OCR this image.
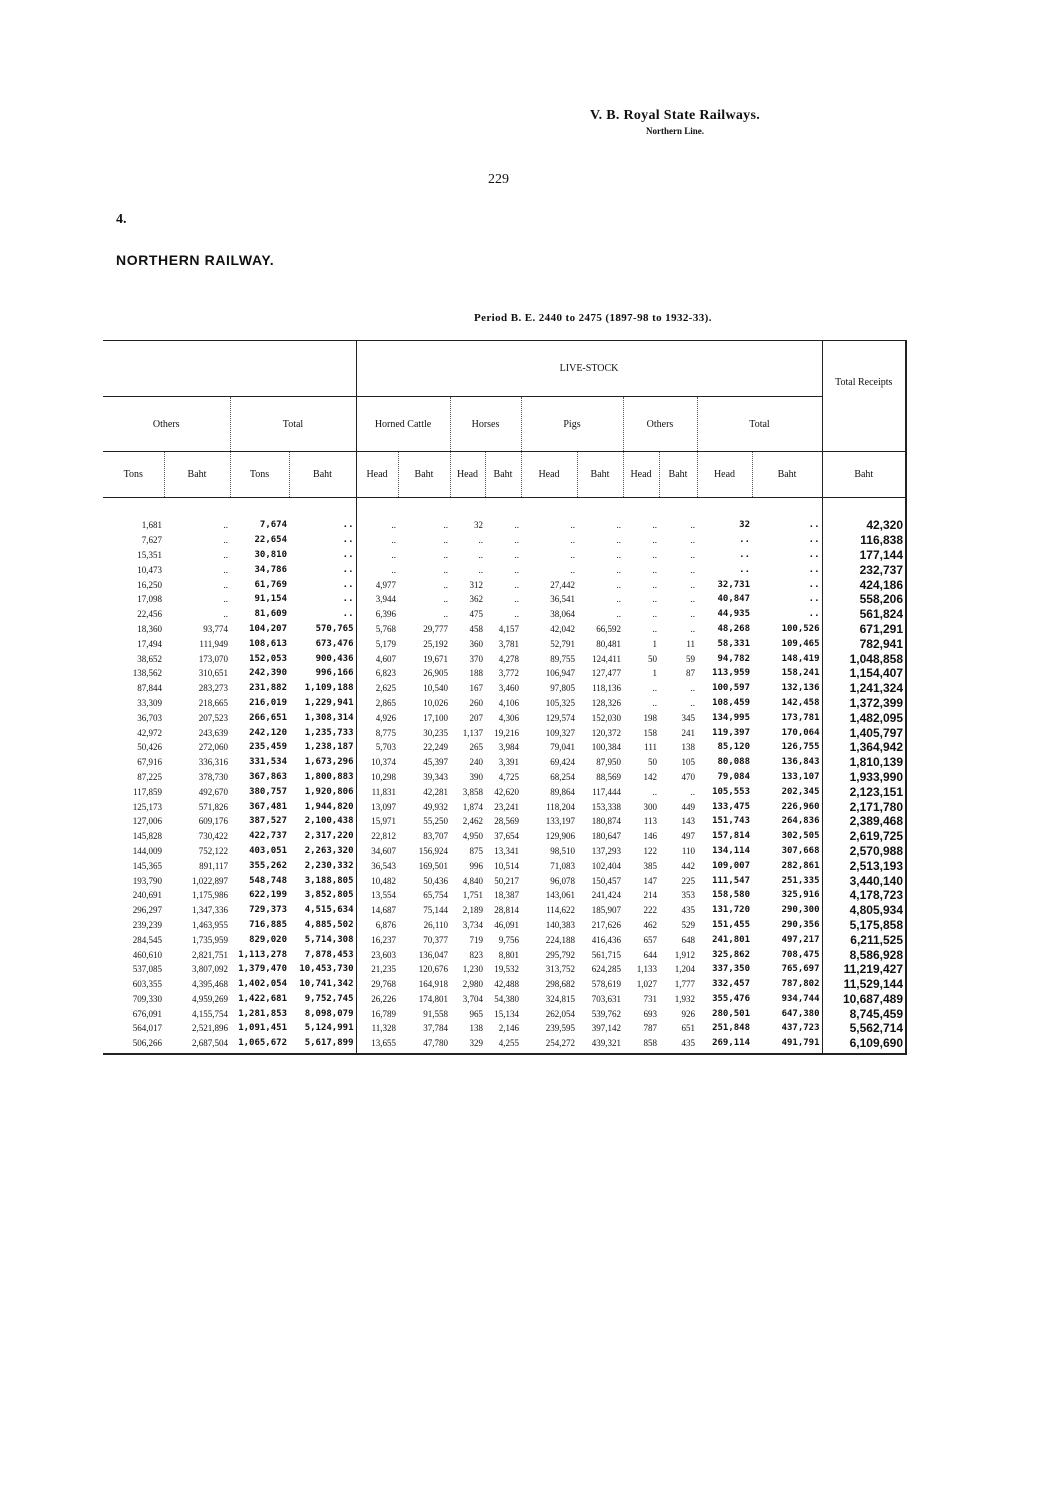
V. B. Royal State Railways.
Northern Line.
229
4.
NORTHERN RAILWAY.
Period B. E. 2440 to 2475 (1897-98 to 1932-33).
				LIVE-STOCK										Total Receipts
Others		Total		Horned Cattle		Horses		Pigs		Others		Total		
Tons	Baht	Tons	Baht	Head	Baht	Head	Baht	Head	Baht	Head	Baht	Head	Baht	Baht
1,681	..	7,674	..	..	..	32	..	..	..	..	..	32	..	42,320
7,627	..	22,654	..	..	..	..	..	..	..	..	..	..	..	116,838
15,351	..	30,810	..	..	..	..	..	..	..	..	..	..	..	177,144
10,473	..	34,786	..	..	..	..	..	..	..	..	..	..	..	232,737
16,250	..	61,769	..	4,977	..	312	..	27,442	..	..	..	32,731	..	424,186
17,098	..	91,154	..	3,944	..	362	..	36,541	..	..	..	40,847	..	558,206
22,456	..	81,609	..	6,396	..	475	..	38,064	..	..	..	44,935	..	561,824
18,360	93,774	104,207	570,765	5,768	29,777	458	4,157	42,042	66,592	..	..	48,268	100,526	671,291
17,494	111,949	108,613	673,476	5,179	25,192	360	3,781	52,791	80,481	1	11	58,331	109,465	782,941
38,652	173,070	152,053	900,436	4,607	19,671	370	4,278	89,755	124,411	50	59	94,782	148,419	1,048,858
138,562	310,651	242,390	996,166	6,823	26,905	188	3,772	106,947	127,477	1	87	113,959	158,241	1,154,407
87,844	283,273	231,882	1,109,188	2,625	10,540	167	3,460	97,805	118,136	..	..	100,597	132,136	1,241,324
33,309	218,665	216,019	1,229,941	2,865	10,026	260	4,106	105,325	128,326	..	..	108,459	142,458	1,372,399
36,703	207,523	266,651	1,308,314	4,926	17,100	207	4,306	129,574	152,030	198	345	134,995	173,781	1,482,095
42,972	243,639	242,120	1,235,733	8,775	30,235	1,137	19,216	109,327	120,372	158	241	119,397	170,064	1,405,797
50,426	272,060	235,459	1,238,187	5,703	22,249	265	3,984	79,041	100,384	111	138	85,120	126,755	1,364,942
67,916	336,316	331,534	1,673,296	10,374	45,397	240	3,391	69,424	87,950	50	105	80,088	136,843	1,810,139
87,225	378,730	367,863	1,800,883	10,298	39,343	390	4,725	68,254	88,569	142	470	79,084	133,107	1,933,990
117,859	492,670	380,757	1,920,806	11,831	42,281	3,858	42,620	89,864	117,444	..	..	105,553	202,345	2,123,151
125,173	571,826	367,481	1,944,820	13,097	49,932	1,874	23,241	118,204	153,338	300	449	133,475	226,960	2,171,780
127,006	609,176	387,527	2,100,438	15,971	55,250	2,462	28,569	133,197	180,874	113	143	151,743	264,836	2,389,468
145,828	730,422	422,737	2,317,220	22,812	83,707	4,950	37,654	129,906	180,647	146	497	157,814	302,505	2,619,725
144,009	752,122	403,051	2,263,320	34,607	156,924	875	13,341	98,510	137,293	122	110	134,114	307,668	2,570,988
145,365	891,117	355,262	2,230,332	36,543	169,501	996	10,514	71,083	102,404	385	442	109,007	282,861	2,513,193
193,790	1,022,897	548,748	3,188,805	10,482	50,436	4,840	50,217	96,078	150,457	147	225	111,547	251,335	3,440,140
240,691	1,175,986	622,199	3,852,805	13,554	65,754	1,751	18,387	143,061	241,424	214	353	158,580	325,916	4,178,723
296,297	1,347,336	729,373	4,515,634	14,687	75,144	2,189	28,814	114,622	185,907	222	435	131,720	290,300	4,805,934
239,239	1,463,955	716,885	4,885,502	6,876	26,110	3,734	46,091	140,383	217,626	462	529	151,455	290,356	5,175,858
284,545	1,735,959	829,020	5,714,308	16,237	70,377	719	9,756	224,188	416,436	657	648	241,801	497,217	6,211,525
460,610	2,821,751	1,113,278	7,878,453	23,603	136,047	823	8,801	295,792	561,715	644	1,912	325,862	708,475	8,586,928
537,085	3,807,092	1,379,470	10,453,730	21,235	120,676	1,230	19,532	313,752	624,285	1,133	1,204	337,350	765,697	11,219,427
603,355	4,395,468	1,402,054	10,741,342	29,768	164,918	2,980	42,488	298,682	578,619	1,027	1,777	332,457	787,802	11,529,144
709,330	4,959,269	1,422,681	9,752,745	26,226	174,801	3,704	54,380	324,815	703,631	731	1,932	355,476	934,744	10,687,489
676,091	4,155,754	1,281,853	8,098,079	16,789	91,558	965	15,134	262,054	539,762	693	926	280,501	647,380	8,745,459
564,017	2,521,896	1,091,451	5,124,991	11,328	37,784	138	2,146	239,595	397,142	787	651	251,848	437,723	5,562,714
506,266	2,687,504	1,065,672	5,617,899	13,655	47,780	329	4,255	254,272	439,321	858	435	269,114	491,791	6,109,690
